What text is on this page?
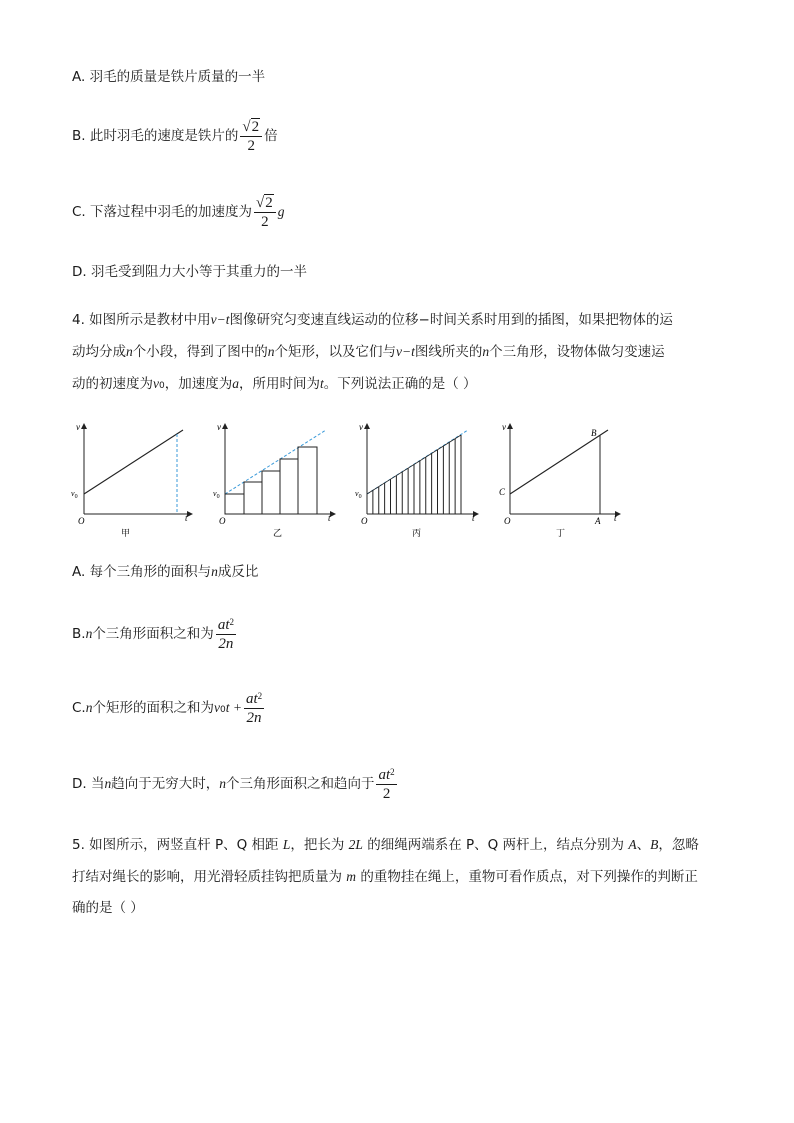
A. 羽毛的质量是铁片质量的一半
B. 此时羽毛的速度是铁片的 $\frac{√2}{2}$ 倍
C. 下落过程中羽毛的加速度为 $\frac{√2}{2}$ g
D. 羽毛受到阻力大小等于其重力的一半
4. 如图所示是教材中用v−t图像研究匀变速直线运动的位移−时间关系时用到的插图，如果把物体的运
动均分成n个小段，得到了图中的n个矩形，以及它们与v−t图线所夹的n个三角形，设物体做匀变速运
动的初速度为$v_0$，加速度为a，所用时间为t。下列说法正确的是（ ）
v
t
O
$v_0$
甲
v
t
O
$v_0$
乙
v
t
O
$v_0$
丙
v
t
O
C
B
A
丁
A. 每个三角形的面积与n成反比
B.n个三角形面积之和为 $\frac{at^2}{2n}$
C.n个矩形的面积之和为$v_0t + \frac{at^2}{2n}$
D. 当n趋向于无穷大时，n个三角形面积之和趋向于 $\frac{at^2}{2}$
5. 如图所示，两竖直杆 P、Q 相距 L，把长为 2L 的细绳两端系在 P、Q 两杆上，结点分别为 A、B，忽略
打结对绳长的影响，用光滑轻质挂钩把质量为 m 的重物挂在绳上，重物可看作质点，对下列操作的判断正
确的是（ ）
